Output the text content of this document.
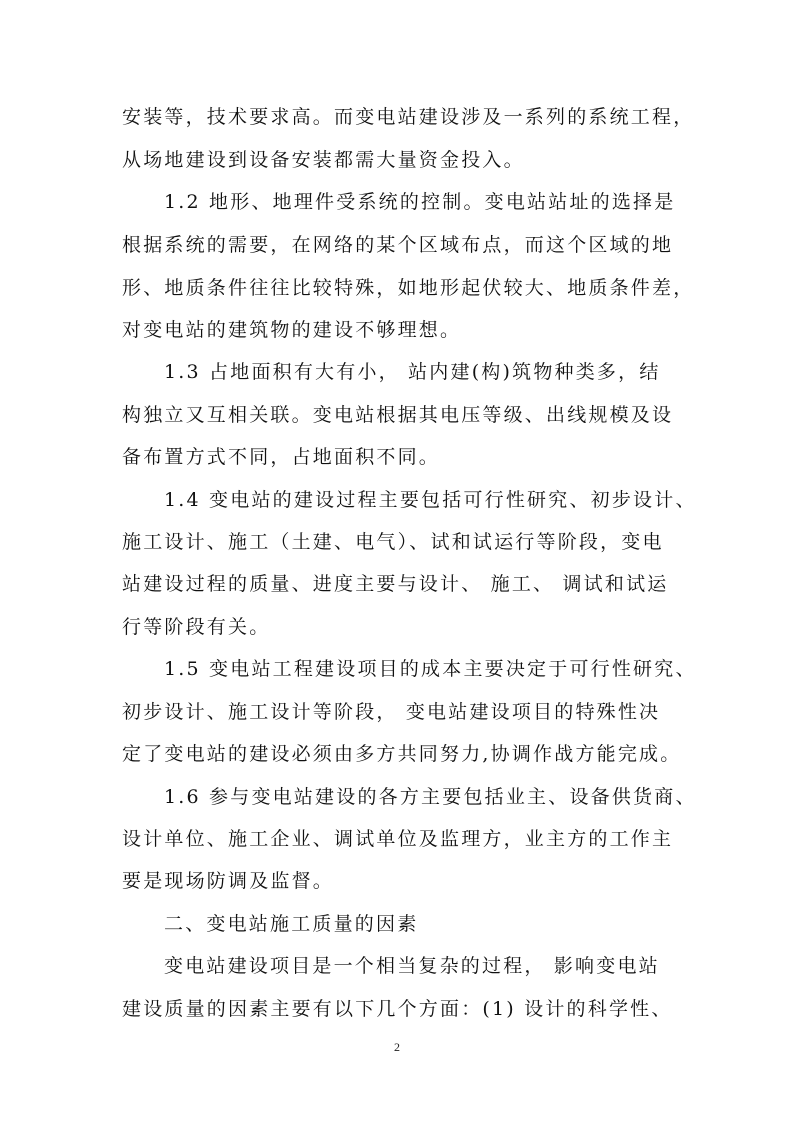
安装等，技术要求高。而变电站建设涉及一系列的系统工程，
从场地建设到设备安装都需大量资金投入。
1.2 地形、地理件受系统的控制。变电站站址的选择是
根据系统的需要，在网络的某个区域布点，而这个区域的地
形、地质条件往往比较特殊，如地形起伏较大、地质条件差，
对变电站的建筑物的建设不够理想。
1.3 占地面积有大有小， 站内建(构)筑物种类多，结
构独立又互相关联。变电站根据其电压等级、出线规模及设
备布置方式不同，占地面积不同。
1.4 变电站的建设过程主要包括可行性研究、初步设计、
施工设计、施工（土建、电气）、试和试运行等阶段，变电
站建设过程的质量、进度主要与设计、 施工、 调试和试运
行等阶段有关。
1.5 变电站工程建设项目的成本主要决定于可行性研究、
初步设计、施工设计等阶段， 变电站建设项目的特殊性决
定了变电站的建设必须由多方共同努力,协调作战方能完成。
1.6 参与变电站建设的各方主要包括业主、设备供货商、
设计单位、施工企业、调试单位及监理方，业主方的工作主
要是现场防调及监督。
二、变电站施工质量的因素
变电站建设项目是一个相当复杂的过程， 影响变电站
建设质量的因素主要有以下几个方面：(1) 设计的科学性、
2
